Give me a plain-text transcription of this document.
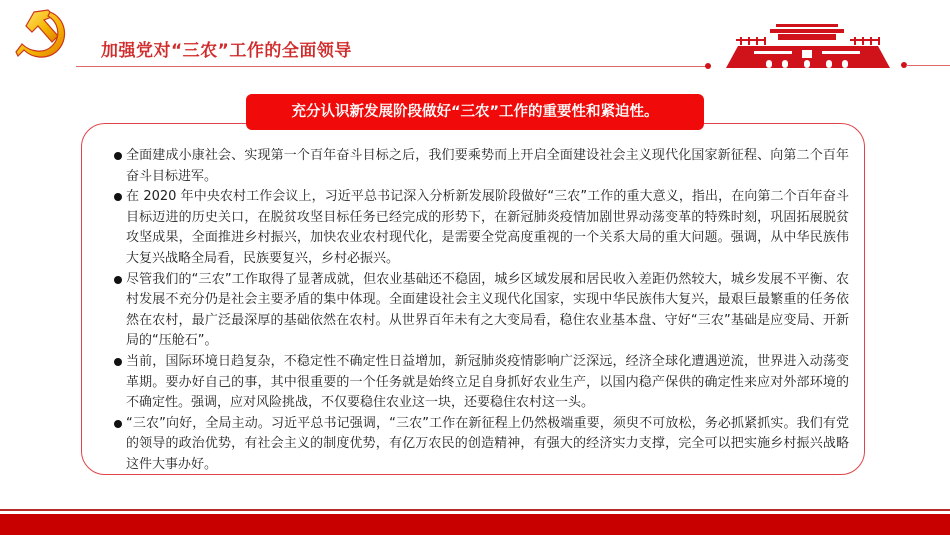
加强党对“三农”工作的全面领导
充分认识新发展阶段做好“三农”工作的重要性和紧迫性。
全面建成小康社会、实现第一个百年奋斗目标之后，我们要乘势而上开启全面建设社会主义现代化国家新征程、向第二个百年奋斗目标进军。
在 2020 年中央农村工作会议上，习近平总书记深入分析新发展阶段做好“三农”工作的重大意义，指出，在向第二个百年奋斗目标迈进的历史关口，在脱贫攻坚目标任务已经完成的形势下，在新冠肺炎疫情加剧世界动荡变革的特殊时刻，巩固拓展脱贫攻坚成果，全面推进乡村振兴，加快农业农村现代化，是需要全党高度重视的一个关系大局的重大问题。强调，从中华民族伟大复兴战略全局看，民族要复兴，乡村必振兴。
尽管我们的“三农”工作取得了显著成就，但农业基础还不稳固，城乡区域发展和居民收入差距仍然较大，城乡发展不平衡、农村发展不充分仍是社会主要矛盾的集中体现。全面建设社会主义现代化国家，实现中华民族伟大复兴，最艰巨最繁重的任务依然在农村，最广泛最深厚的基础依然在农村。从世界百年未有之大变局看，稳住农业基本盘、守好“三农”基础是应变局、开新局的“压舱石”。
当前，国际环境日趋复杂，不稳定性不确定性日益增加，新冠肺炎疫情影响广泛深远，经济全球化遭遇逆流，世界进入动荡变革期。要办好自己的事，其中很重要的一个任务就是始终立足自身抓好农业生产，以国内稳产保供的确定性来应对外部环境的不确定性。强调，应对风险挑战，不仅要稳住农业这一块，还要稳住农村这一头。
“三农”向好，全局主动。习近平总书记强调，“三农”工作在新征程上仍然极端重要，须臾不可放松，务必抓紧抓实。我们有党的领导的政治优势，有社会主义的制度优势，有亿万农民的创造精神，有强大的经济实力支撑，完全可以把实施乡村振兴战略这件大事办好。
